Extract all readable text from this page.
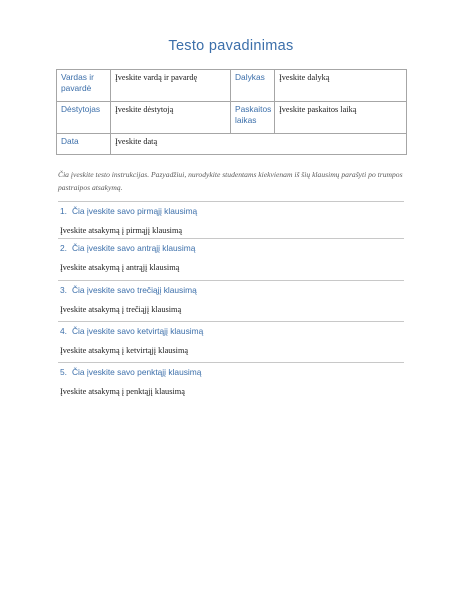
Testo pavadinimas
Vardas ir pavardė	Įveskite vardą ir pavardę	Dalykas	Įveskite dalyką
Dėstytojas	Įveskite dėstytoją	Paskaitos laikas	Įveskite paskaitos laiką
Data	Įveskite datą		
Čia įveskite testo instrukcijas. Pazyadžiui, nurodykite studentams kiekvienam iš šių klausimų parašyti po trumpos pastraipos atsakymą.
1. Čia įveskite savo pirmąjį klausimą
Įveskite atsakymą į pirmąjį klausimą
2. Čia įveskite savo antrąjį klausimą
Įveskite atsakymą į antrąjį klausimą
3. Čia įveskite savo trečiąjį klausimą
Įveskite atsakymą į trečiąjį klausimą
4. Čia įveskite savo ketvirtąjį klausimą
Įveskite atsakymą į ketvirtąjį klausimą
5. Čia įveskite savo penktąjį klausimą
Įveskite atsakymą į penktąjį klausimą
